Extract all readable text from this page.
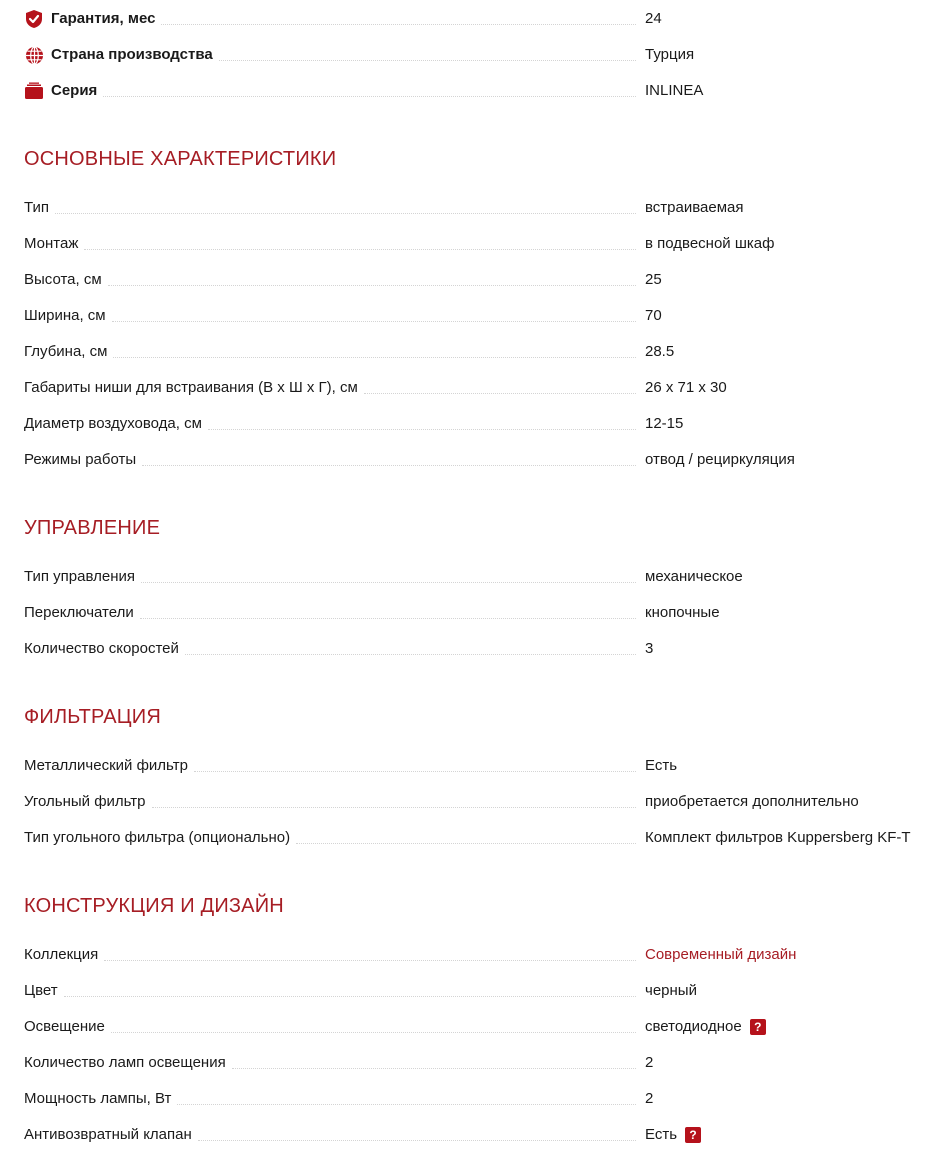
Гарантия, мес	24
Страна производства	Турция
Серия	INLINEA
ОСНОВНЫЕ ХАРАКТЕРИСТИКИ
Тип	встраиваемая
Монтаж	в подвесной шкаф
Высота, см	25
Ширина, см	70
Глубина, см	28.5
Габариты ниши для встраивания (В х Ш х Г), см	26 x 71 x 30
Диаметр воздуховода, см	12-15
Режимы работы	отвод / рециркуляция
УПРАВЛЕНИЕ
Тип управления	механическое
Переключатели	кнопочные
Количество скоростей	3
ФИЛЬТРАЦИЯ
Металлический фильтр	Есть
Угольный фильтр	приобретается дополнительно
Тип угольного фильтра (опционально)	Комплект фильтров Kuppersberg KF-T
КОНСТРУКЦИЯ И ДИЗАЙН
Коллекция	Современный дизайн
Цвет	черный
Освещение	светодиодное	?
Количество ламп освещения	2
Мощность лампы, Вт	2
Антивозвратный клапан	Есть	?
